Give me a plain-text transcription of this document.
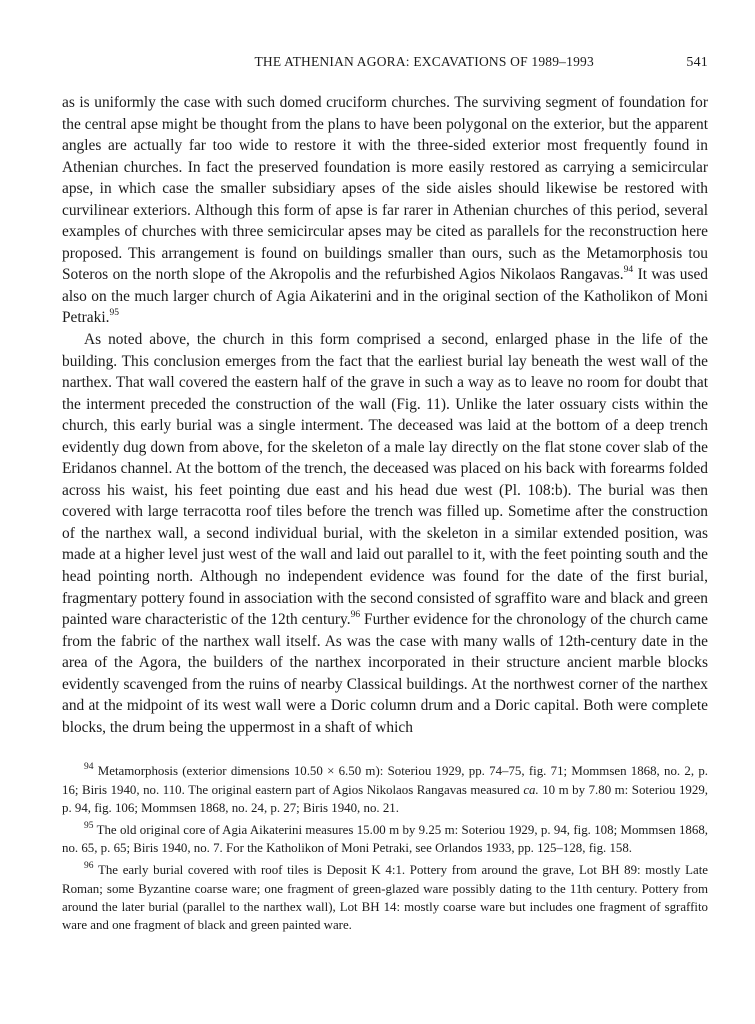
THE ATHENIAN AGORA: EXCAVATIONS OF 1989–1993	541

as is uniformly the case with such domed cruciform churches. The surviving segment of foundation for the central apse might be thought from the plans to have been polygonal on the exterior, but the apparent angles are actually far too wide to restore it with the three-sided exterior most frequently found in Athenian churches. In fact the preserved foundation is more easily restored as carrying a semicircular apse, in which case the smaller subsidiary apses of the side aisles should likewise be restored with curvilinear exteriors. Although this form of apse is far rarer in Athenian churches of this period, several examples of churches with three semicircular apses may be cited as parallels for the reconstruction here proposed. This arrangement is found on buildings smaller than ours, such as the Metamorphosis tou Soteros on the north slope of the Akropolis and the refurbished Agios Nikolaos Rangavas.$^{94}$ It was used also on the much larger church of Agia Aikaterini and in the original section of the Katholikon of Moni Petraki.$^{95}$

As noted above, the church in this form comprised a second, enlarged phase in the life of the building. This conclusion emerges from the fact that the earliest burial lay beneath the west wall of the narthex. That wall covered the eastern half of the grave in such a way as to leave no room for doubt that the interment preceded the construction of the wall (Fig. 11). Unlike the later ossuary cists within the church, this early burial was a single interment. The deceased was laid at the bottom of a deep trench evidently dug down from above, for the skeleton of a male lay directly on the flat stone cover slab of the Eridanos channel. At the bottom of the trench, the deceased was placed on his back with forearms folded across his waist, his feet pointing due east and his head due west (Pl. 108:b). The burial was then covered with large terracotta roof tiles before the trench was filled up. Sometime after the construction of the narthex wall, a second individual burial, with the skeleton in a similar extended position, was made at a higher level just west of the wall and laid out parallel to it, with the feet pointing south and the head pointing north. Although no independent evidence was found for the date of the first burial, fragmentary pottery found in association with the second consisted of sgraffito ware and black and green painted ware characteristic of the 12th century.$^{96}$ Further evidence for the chronology of the church came from the fabric of the narthex wall itself. As was the case with many walls of 12th-century date in the area of the Agora, the builders of the narthex incorporated in their structure ancient marble blocks evidently scavenged from the ruins of nearby Classical buildings. At the northwest corner of the narthex and at the midpoint of its west wall were a Doric column drum and a Doric capital. Both were complete blocks, the drum being the uppermost in a shaft of which

$^{94}$ Metamorphosis (exterior dimensions 10.50 × 6.50 m): Soteriou 1929, pp. 74–75, fig. 71; Mommsen 1868, no. 2, p. 16; Biris 1940, no. 110. The original eastern part of Agios Nikolaos Rangavas measured ca. 10 m by 7.80 m: Soteriou 1929, p. 94, fig. 106; Mommsen 1868, no. 24, p. 27; Biris 1940, no. 21.

$^{95}$ The old original core of Agia Aikaterini measures 15.00 m by 9.25 m: Soteriou 1929, p. 94, fig. 108; Mommsen 1868, no. 65, p. 65; Biris 1940, no. 7. For the Katholikon of Moni Petraki, see Orlandos 1933, pp. 125–128, fig. 158.

$^{96}$ The early burial covered with roof tiles is Deposit K 4:1. Pottery from around the grave, Lot BH 89: mostly Late Roman; some Byzantine coarse ware; one fragment of green-glazed ware possibly dating to the 11th century. Pottery from around the later burial (parallel to the narthex wall), Lot BH 14: mostly coarse ware but includes one fragment of sgraffito ware and one fragment of black and green painted ware.
